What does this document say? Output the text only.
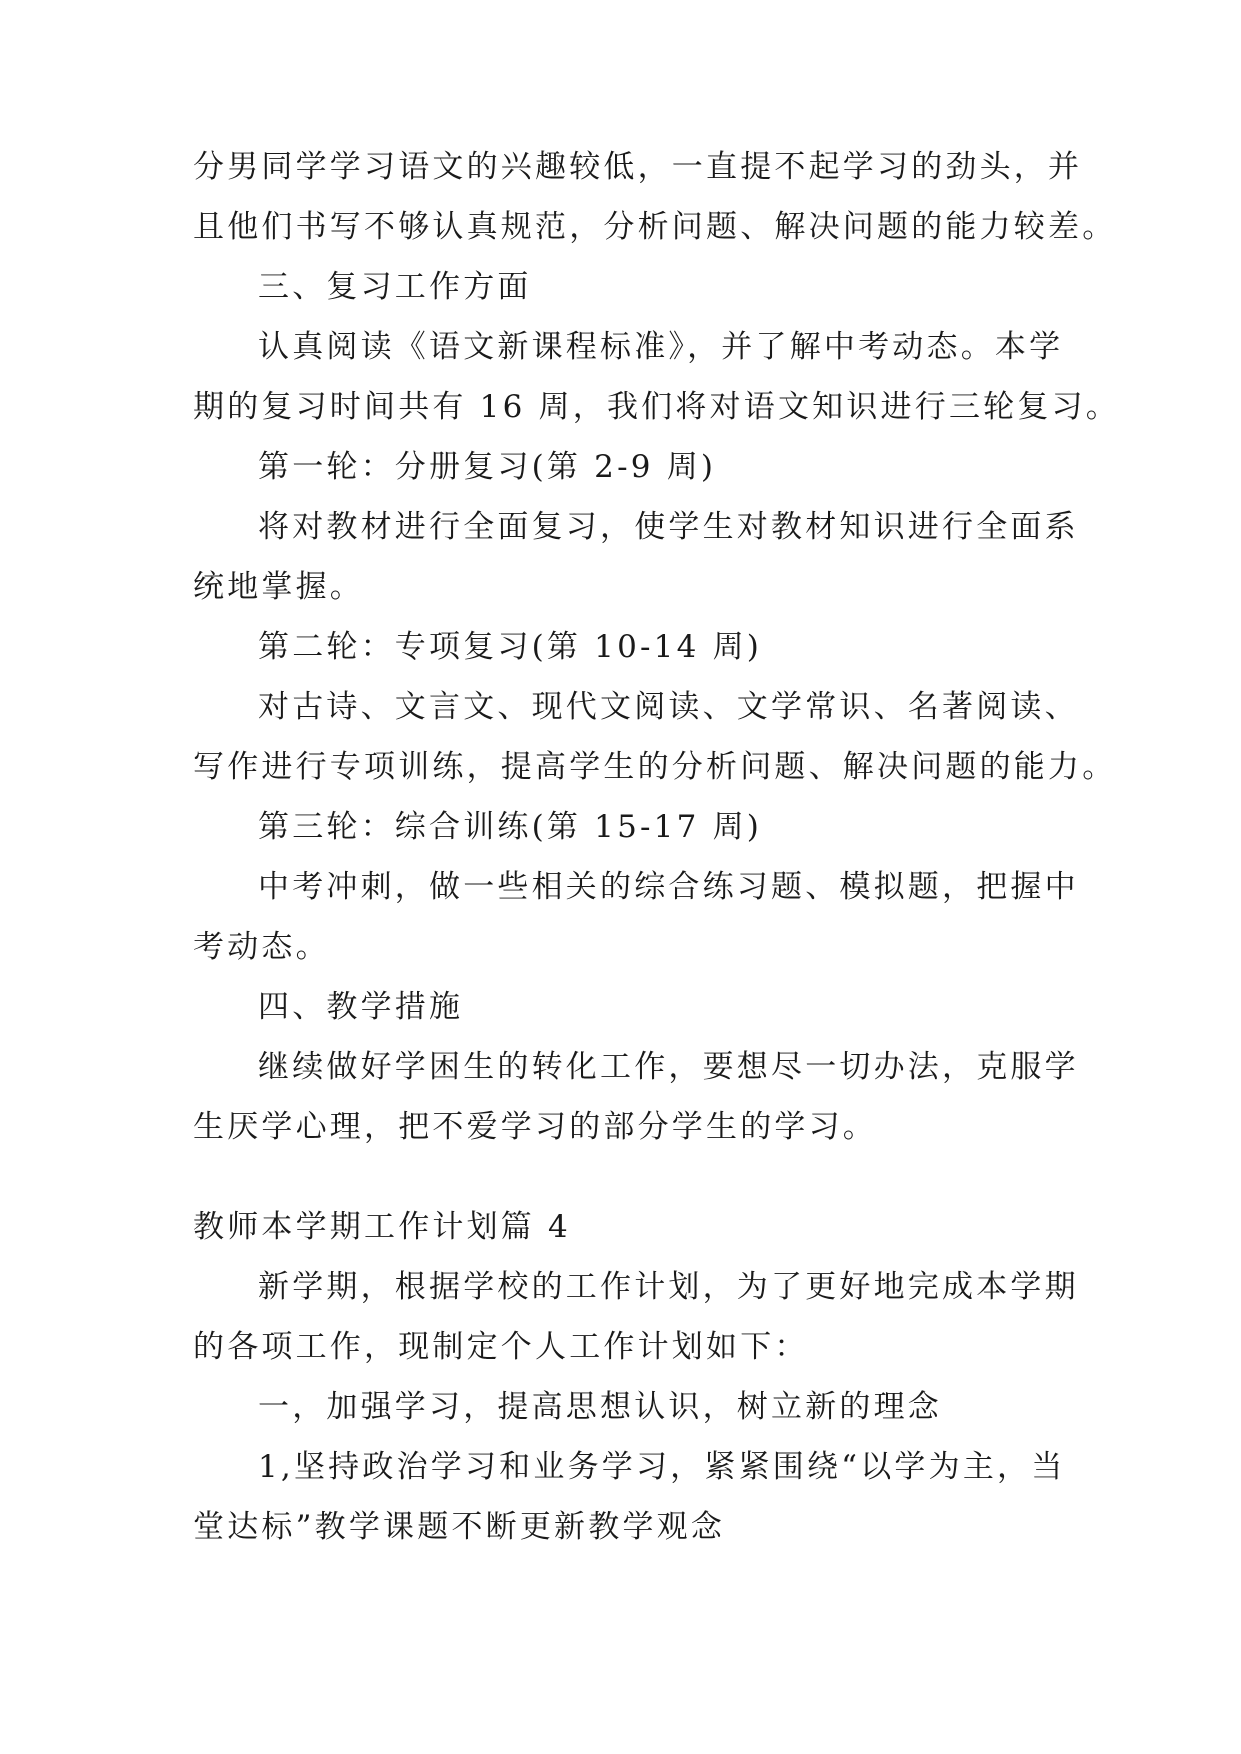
分男同学学习语文的兴趣较低，一直提不起学习的劲头，并
且他们书写不够认真规范，分析问题、解决问题的能力较差。
三、复习工作方面
认真阅读《语文新课程标准》，并了解中考动态。本学
期的复习时间共有 16 周，我们将对语文知识进行三轮复习。
第一轮：分册复习(第 2-9 周)
将对教材进行全面复习，使学生对教材知识进行全面系
统地掌握。
第二轮：专项复习(第 10-14 周)
对古诗、文言文、现代文阅读、文学常识、名著阅读、
写作进行专项训练，提高学生的分析问题、解决问题的能力。
第三轮：综合训练(第 15-17 周)
中考冲刺，做一些相关的综合练习题、模拟题，把握中
考动态。
四、教学措施
继续做好学困生的转化工作，要想尽一切办法，克服学
生厌学心理，把不爱学习的部分学生的学习。
教师本学期工作计划篇 4
新学期，根据学校的工作计划，为了更好地完成本学期
的各项工作，现制定个人工作计划如下：
一，加强学习，提高思想认识，树立新的理念
1,坚持政治学习和业务学习，紧紧围绕“以学为主，当
堂达标”教学课题不断更新教学观念
